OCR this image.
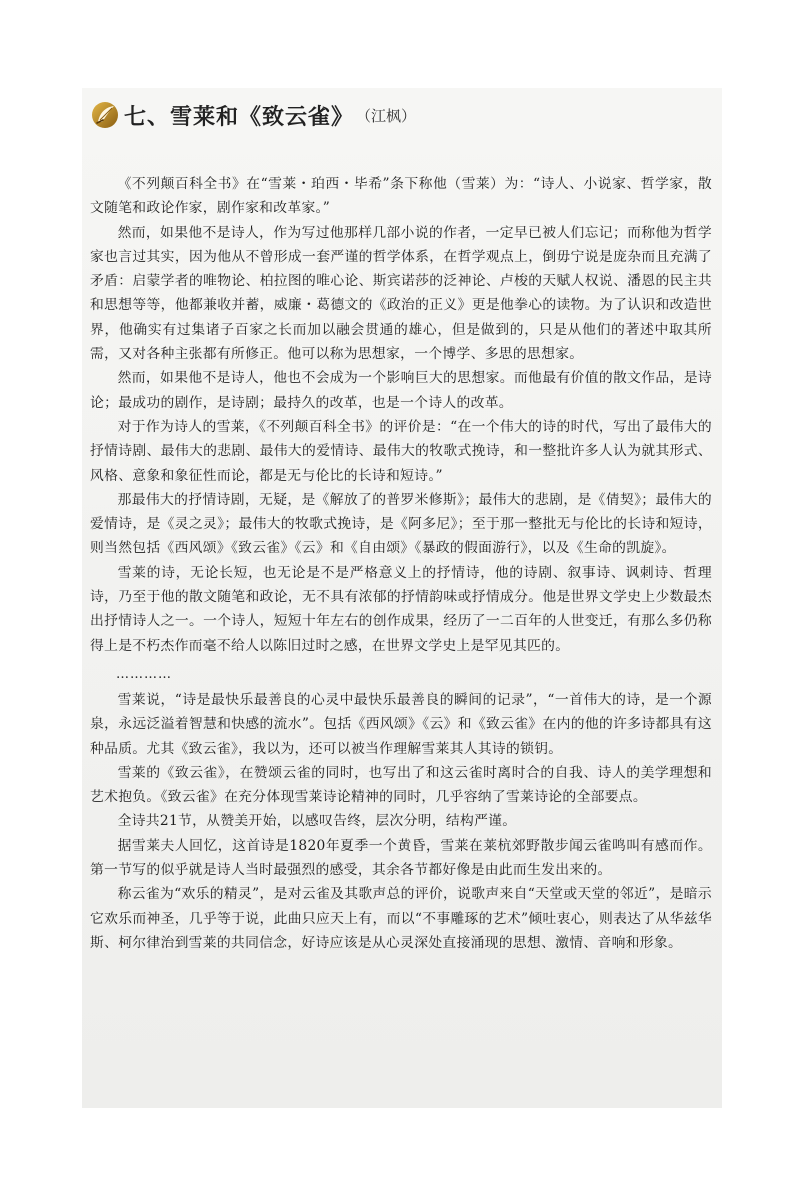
七、雪莱和《致云雀》 （江枫）

《不列颠百科全书》在“雪莱・珀西・毕希”条下称他（雪莱）为：“诗人、小说家、哲学家，散文随笔和政论作家，剧作家和改革家。”

然而，如果他不是诗人，作为写过他那样几部小说的作者，一定早已被人们忘记；而称他为哲学家也言过其实，因为他从不曾形成一套严谨的哲学体系，在哲学观点上，倒毋宁说是庞杂而且充满了矛盾：启蒙学者的唯物论、柏拉图的唯心论、斯宾诺莎的泛神论、卢梭的天赋人权说、潘恩的民主共和思想等等，他都兼收并蓄，威廉・葛德文的《政治的正义》更是他拳心的读物。为了认识和改造世界，他确实有过集诸子百家之长而加以融会贯通的雄心，但是做到的，只是从他们的著述中取其所需，又对各种主张都有所修正。他可以称为思想家，一个博学、多思的思想家。

然而，如果他不是诗人，他也不会成为一个影响巨大的思想家。而他最有价值的散文作品，是诗论；最成功的剧作，是诗剧；最持久的改革，也是一个诗人的改革。

对于作为诗人的雪莱，《不列颠百科全书》的评价是：“在一个伟大的诗的时代，写出了最伟大的抒情诗剧、最伟大的悲剧、最伟大的爱情诗、最伟大的牧歌式挽诗，和一整批许多人认为就其形式、风格、意象和象征性而论，都是无与伦比的长诗和短诗。”

那最伟大的抒情诗剧，无疑，是《解放了的普罗米修斯》；最伟大的悲剧，是《倩契》；最伟大的爱情诗，是《灵之灵》；最伟大的牧歌式挽诗，是《阿多尼》；至于那一整批无与伦比的长诗和短诗，则当然包括《西风颂》《致云雀》《云》和《自由颂》《暴政的假面游行》，以及《生命的凯旋》。

雪莱的诗，无论长短，也无论是不是严格意义上的抒情诗，他的诗剧、叙事诗、讽刺诗、哲理诗，乃至于他的散文随笔和政论，无不具有浓郁的抒情韵味或抒情成分。他是世界文学史上少数最杰出抒情诗人之一。一个诗人，短短十年左右的创作成果，经历了一二百年的人世变迁，有那么多仍称得上是不朽杰作而毫不给人以陈旧过时之感，在世界文学史上是罕见其匹的。

…………

雪莱说，“诗是最快乐最善良的心灵中最快乐最善良的瞬间的记录”，“一首伟大的诗，是一个源泉，永远泛溢着智慧和快感的流水”。包括《西风颂》《云》和《致云雀》在内的他的许多诗都具有这种品质。尤其《致云雀》，我以为，还可以被当作理解雪莱其人其诗的锁钥。

雪莱的《致云雀》，在赞颂云雀的同时，也写出了和这云雀时离时合的自我、诗人的美学理想和艺术抱负。《致云雀》在充分体现雪莱诗论精神的同时，几乎容纳了雪莱诗论的全部要点。

全诗共21节，从赞美开始，以感叹告终，层次分明，结构严谨。

据雪莱夫人回忆，这首诗是1820年夏季一个黄昏，雪莱在莱杭郊野散步闻云雀鸣叫有感而作。第一节写的似乎就是诗人当时最强烈的感受，其余各节都好像是由此而生发出来的。

称云雀为“欢乐的精灵”，是对云雀及其歌声总的评价，说歌声来自“天堂或天堂的邻近”，是暗示它欢乐而神圣，几乎等于说，此曲只应天上有，而以“不事雕琢的艺术”倾吐衷心，则表达了从华兹华斯、柯尔律治到雪莱的共同信念，好诗应该是从心灵深处直接涌现的思想、激情、音响和形象。
